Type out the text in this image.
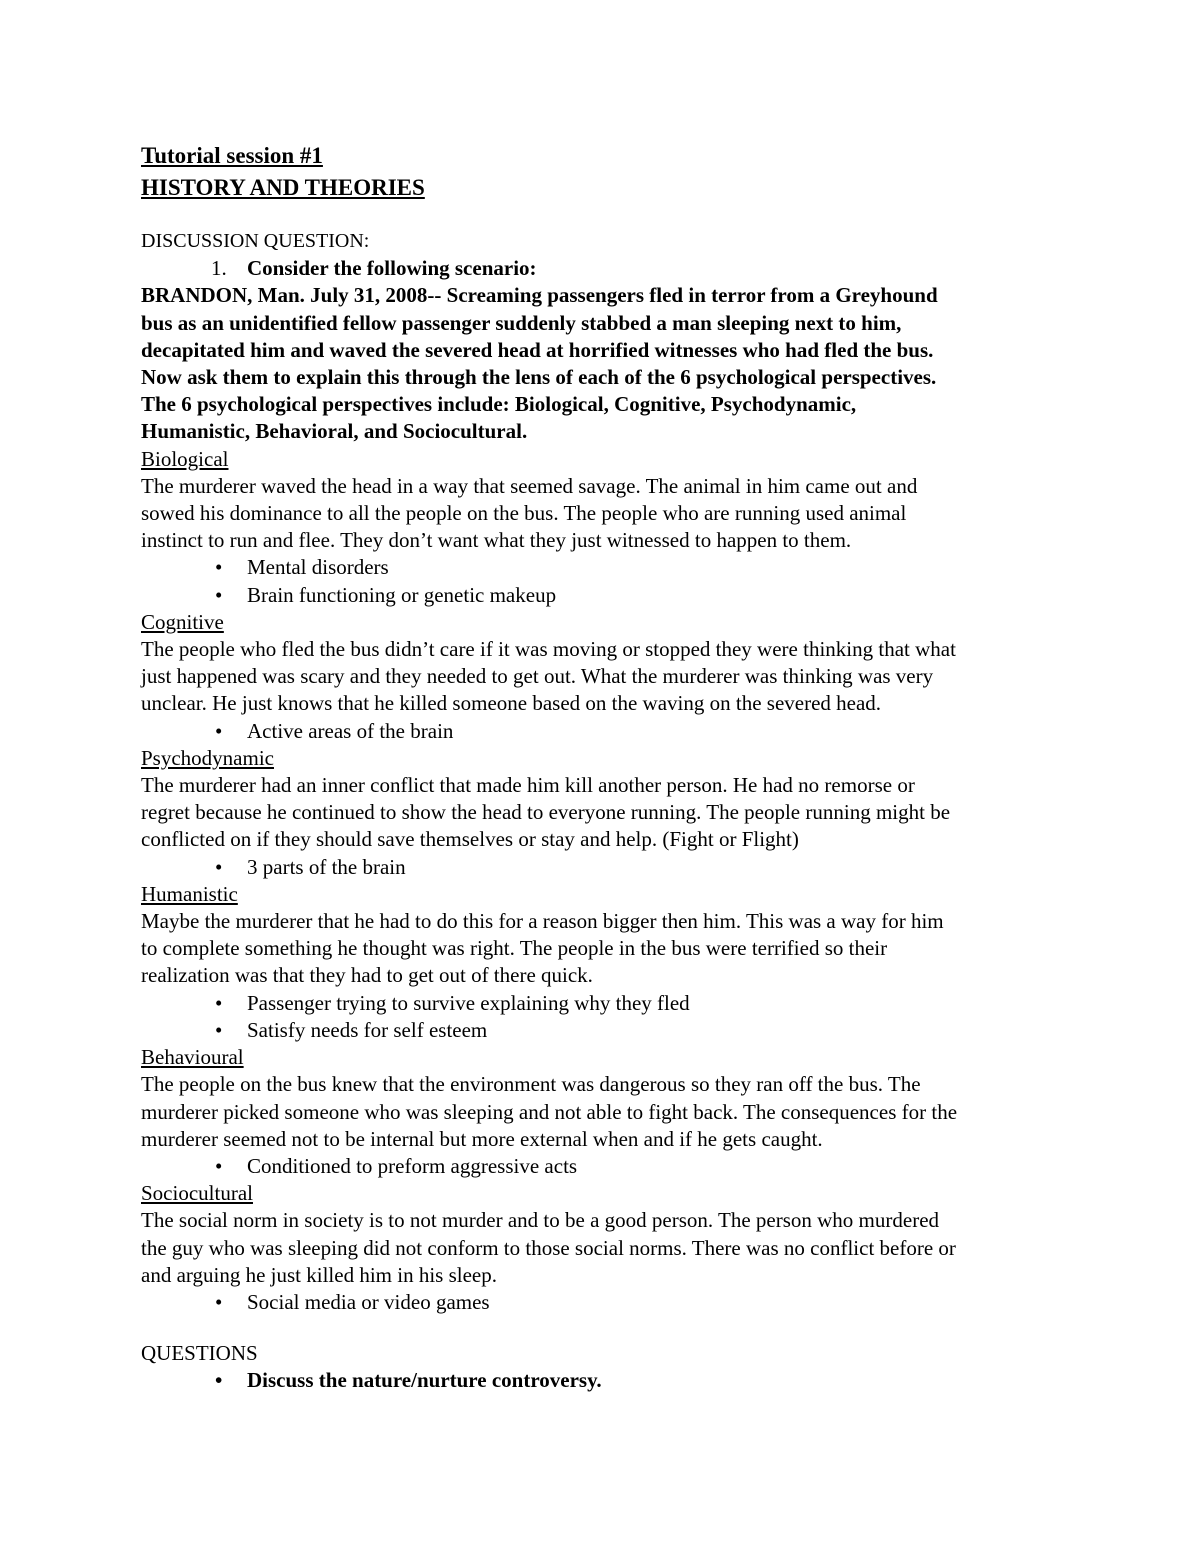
Tutorial session #1
HISTORY AND THEORIES
DISCUSSION QUESTION:
1. Consider the following scenario:
BRANDON, Man. July 31, 2008-- Screaming passengers fled in terror from a Greyhound
bus as an unidentified fellow passenger suddenly stabbed a man sleeping next to him,
decapitated him and waved the severed head at horrified witnesses who had fled the bus.
Now ask them to explain this through the lens of each of the 6 psychological perspectives.
The 6 psychological perspectives include: Biological, Cognitive, Psychodynamic,
Humanistic, Behavioral, and Sociocultural.
Biological
The murderer waved the head in a way that seemed savage. The animal in him came out and
sowed his dominance to all the people on the bus. The people who are running used animal
instinct to run and flee. They don’t want what they just witnessed to happen to them.
• Mental disorders
• Brain functioning or genetic makeup
Cognitive
The people who fled the bus didn’t care if it was moving or stopped they were thinking that what
just happened was scary and they needed to get out. What the murderer was thinking was very
unclear. He just knows that he killed someone based on the waving on the severed head.
• Active areas of the brain
Psychodynamic
The murderer had an inner conflict that made him kill another person. He had no remorse or
regret because he continued to show the head to everyone running. The people running might be
conflicted on if they should save themselves or stay and help. (Fight or Flight)
• 3 parts of the brain
Humanistic
Maybe the murderer that he had to do this for a reason bigger then him. This was a way for him
to complete something he thought was right. The people in the bus were terrified so their
realization was that they had to get out of there quick.
• Passenger trying to survive explaining why they fled
• Satisfy needs for self esteem
Behavioural
The people on the bus knew that the environment was dangerous so they ran off the bus. The
murderer picked someone who was sleeping and not able to fight back. The consequences for the
murderer seemed not to be internal but more external when and if he gets caught.
• Conditioned to preform aggressive acts
Sociocultural
The social norm in society is to not murder and to be a good person. The person who murdered
the guy who was sleeping did not conform to those social norms. There was no conflict before or
and arguing he just killed him in his sleep.
• Social media or video games
QUESTIONS
• Discuss the nature/nurture controversy.
